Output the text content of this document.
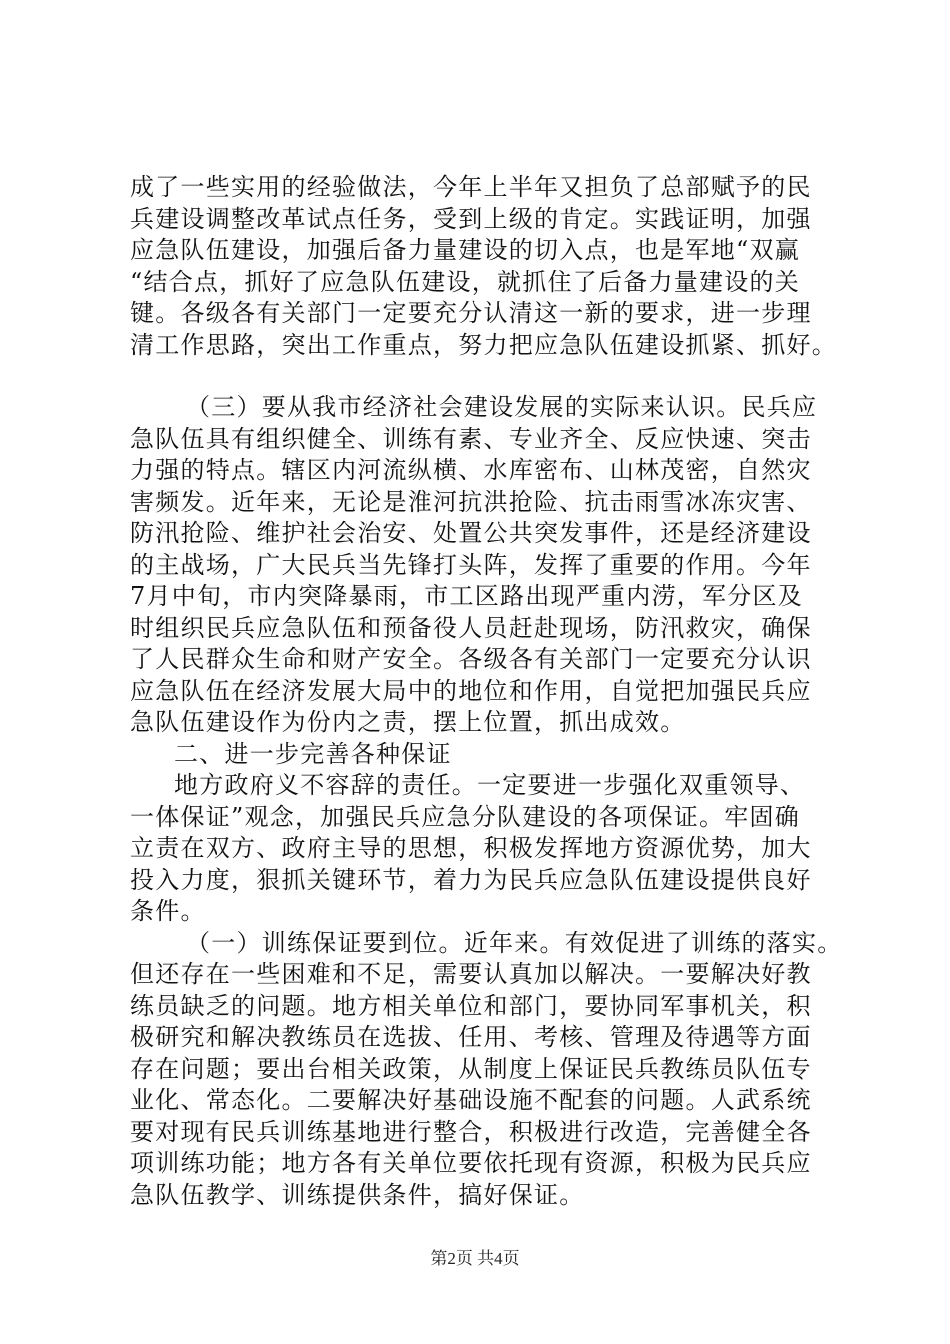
成了一些实用的经验做法，今年上半年又担负了总部赋予的民
兵建设调整改革试点任务，受到上级的肯定。实践证明，加强
应急队伍建设，加强后备力量建设的切入点，也是军地“双赢
“结合点，抓好了应急队伍建设，就抓住了后备力量建设的关
键。各级各有关部门一定要充分认清这一新的要求，进一步理
清工作思路，突出工作重点，努力把应急队伍建设抓紧、抓好。
（三）要从我市经济社会建设发展的实际来认识。民兵应
急队伍具有组织健全、训练有素、专业齐全、反应快速、突击
力强的特点。辖区内河流纵横、水库密布、山林茂密，自然灾
害频发。近年来，无论是淮河抗洪抢险、抗击雨雪冰冻灾害、
防汛抢险、维护社会治安、处置公共突发事件，还是经济建设
的主战场，广大民兵当先锋打头阵，发挥了重要的作用。今年
7月中旬，市内突降暴雨，市工区路出现严重内涝，军分区及
时组织民兵应急队伍和预备役人员赶赴现场，防汛救灾，确保
了人民群众生命和财产安全。各级各有关部门一定要充分认识
应急队伍在经济发展大局中的地位和作用，自觉把加强民兵应
急队伍建设作为份内之责，摆上位置，抓出成效。
二、进一步完善各种保证
地方政府义不容辞的责任。一定要进一步强化双重领导、
一体保证”观念，加强民兵应急分队建设的各项保证。牢固确
立责在双方、政府主导的思想，积极发挥地方资源优势，加大
投入力度，狠抓关键环节，着力为民兵应急队伍建设提供良好
条件。
（一）训练保证要到位。近年来。有效促进了训练的落实。
但还存在一些困难和不足，需要认真加以解决。一要解决好教
练员缺乏的问题。地方相关单位和部门，要协同军事机关，积
极研究和解决教练员在选拔、任用、考核、管理及待遇等方面
存在问题；要出台相关政策，从制度上保证民兵教练员队伍专
业化、常态化。二要解决好基础设施不配套的问题。人武系统
要对现有民兵训练基地进行整合，积极进行改造，完善健全各
项训练功能；地方各有关单位要依托现有资源，积极为民兵应
急队伍教学、训练提供条件，搞好保证。
第2页 共4页
